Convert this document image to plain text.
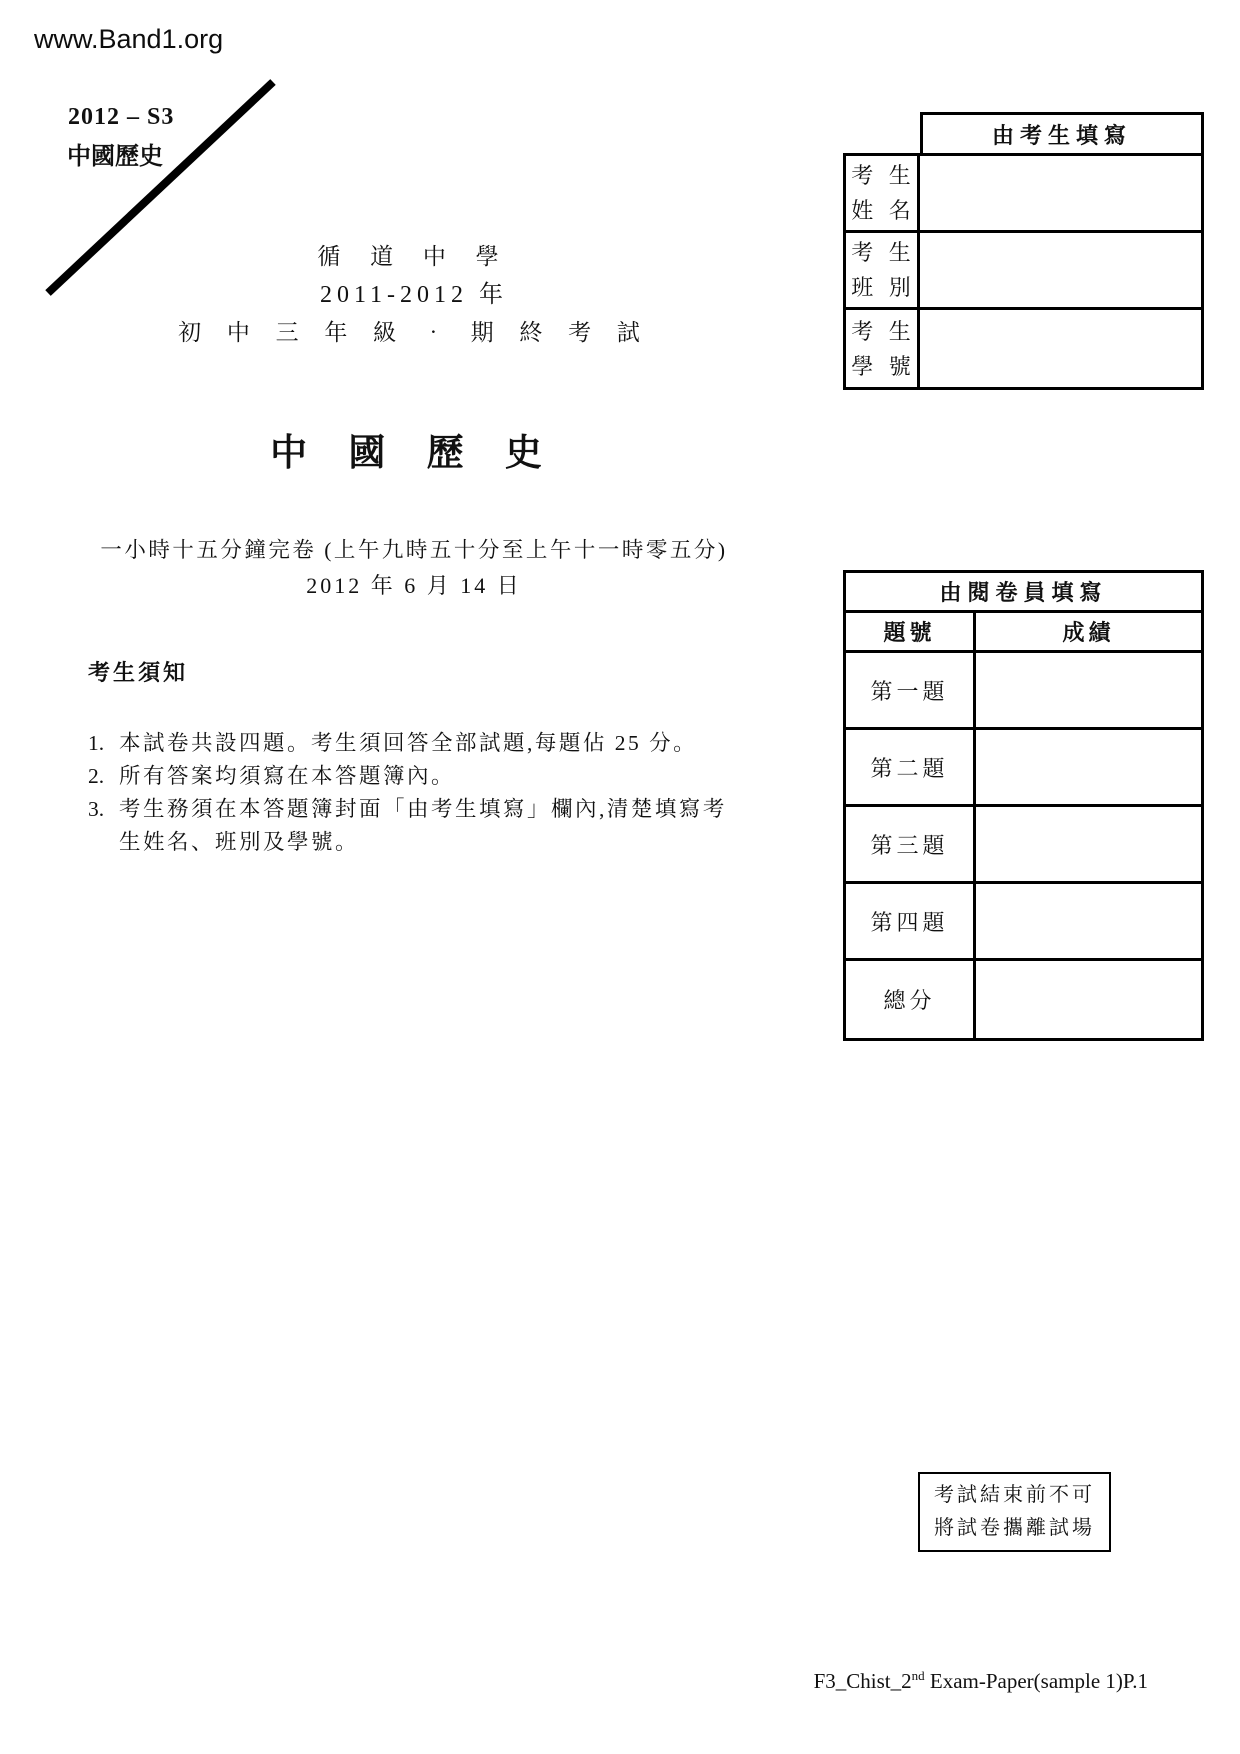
www.Band1.org
2012 – S3
中國歷史
由考生填寫
考 生
姓 名
考 生
班 別
考 生
學 號
循 道 中 學
2011-2012 年
初 中 三 年 級 ‧ 期 終 考 試
中 國 歷 史
一小時十五分鐘完卷 (上午九時五十分至上午十一時零五分)
2012 年 6 月 14 日
考生須知
1. 本試卷共設四題。考生須回答全部試題,每題佔 25 分。
2. 所有答案均須寫在本答題簿內。
3. 考生務須在本答題簿封面「由考生填寫」欄內,清楚填寫考生姓名、班別及學號。
由閱卷員填寫
題號	成績
第一題
第二題
第三題
第四題
總分
考試結束前不可
將試卷攜離試場
F3_Chist_2nd Exam-Paper(sample 1)P.1
